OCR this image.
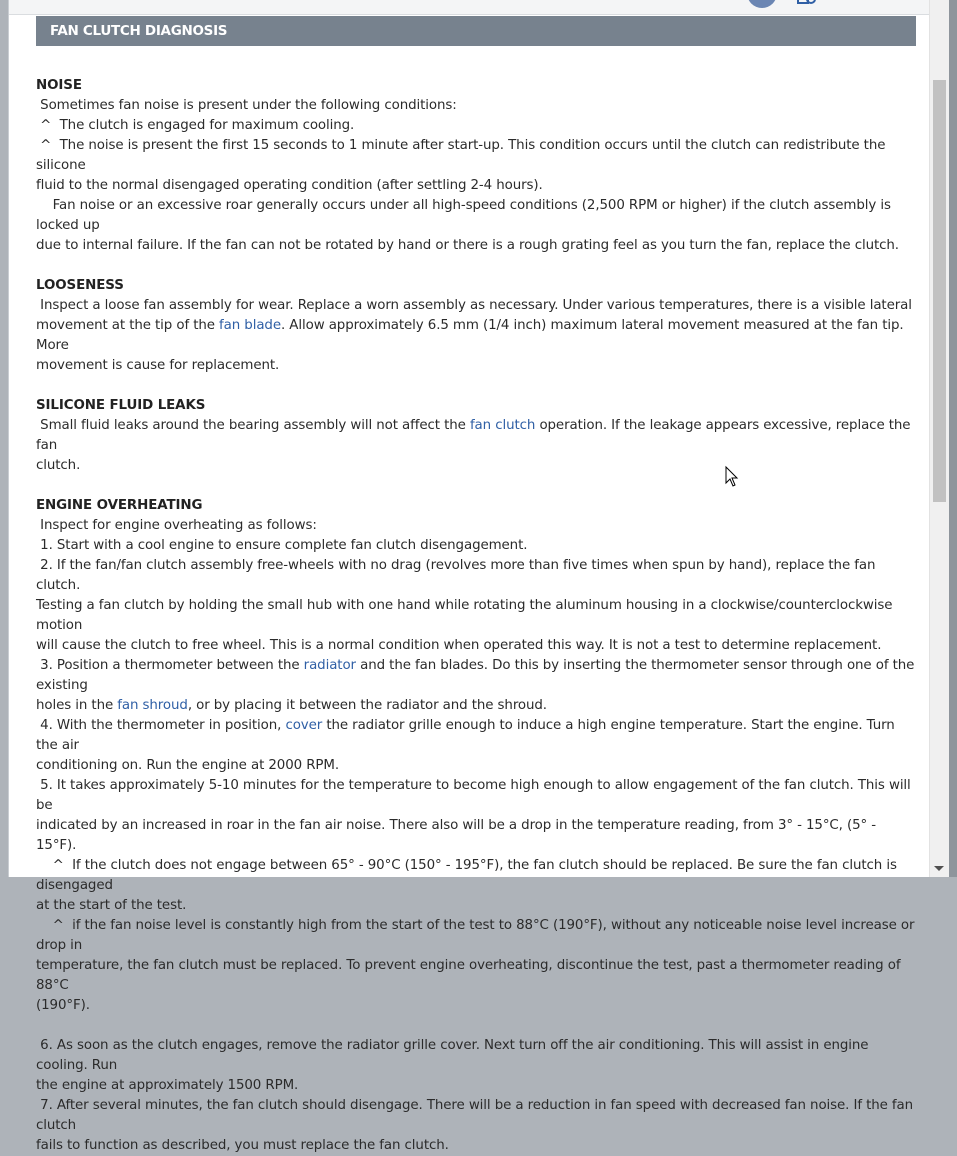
FAN CLUTCH DIAGNOSIS
NOISE
Sometimes fan noise is present under the following conditions:
^  The clutch is engaged for maximum cooling.
^  The noise is present the first 15 seconds to 1 minute after start-up. This condition occurs until the clutch can redistribute the silicone
fluid to the normal disengaged operating condition (after settling 2-4 hours).
Fan noise or an excessive roar generally occurs under all high-speed conditions (2,500 RPM or higher) if the clutch assembly is locked up
due to internal failure. If the fan can not be rotated by hand or there is a rough grating feel as you turn the fan, replace the clutch.
LOOSENESS
Inspect a loose fan assembly for wear. Replace a worn assembly as necessary. Under various temperatures, there is a visible lateral
movement at the tip of the fan blade. Allow approximately 6.5 mm (1/4 inch) maximum lateral movement measured at the fan tip. More
movement is cause for replacement.
SILICONE FLUID LEAKS
Small fluid leaks around the bearing assembly will not affect the fan clutch operation. If the leakage appears excessive, replace the fan
clutch.
ENGINE OVERHEATING
Inspect for engine overheating as follows:
1. Start with a cool engine to ensure complete fan clutch disengagement.
2. If the fan/fan clutch assembly free-wheels with no drag (revolves more than five times when spun by hand), replace the fan clutch.
Testing a fan clutch by holding the small hub with one hand while rotating the aluminum housing in a clockwise/counterclockwise motion
will cause the clutch to free wheel. This is a normal condition when operated this way. It is not a test to determine replacement.
3. Position a thermometer between the radiator and the fan blades. Do this by inserting the thermometer sensor through one of the existing
holes in the fan shroud, or by placing it between the radiator and the shroud.
4. With the thermometer in position, cover the radiator grille enough to induce a high engine temperature. Start the engine. Turn the air
conditioning on. Run the engine at 2000 RPM.
5. It takes approximately 5-10 minutes for the temperature to become high enough to allow engagement of the fan clutch. This will be
indicated by an increased in roar in the fan air noise. There also will be a drop in the temperature reading, from 3° - 15°C, (5° - 15°F).
^  If the clutch does not engage between 65° - 90°C (150° - 195°F), the fan clutch should be replaced. Be sure the fan clutch is disengaged
at the start of the test.
^  if the fan noise level is constantly high from the start of the test to 88°C (190°F), without any noticeable noise level increase or drop in
temperature, the fan clutch must be replaced. To prevent engine overheating, discontinue the test, past a thermometer reading of 88°C
(190°F).
6. As soon as the clutch engages, remove the radiator grille cover. Next turn off the air conditioning. This will assist in engine cooling. Run
the engine at approximately 1500 RPM.
7. After several minutes, the fan clutch should disengage. There will be a reduction in fan speed with decreased fan noise. If the fan clutch
fails to function as described, you must replace the fan clutch.
